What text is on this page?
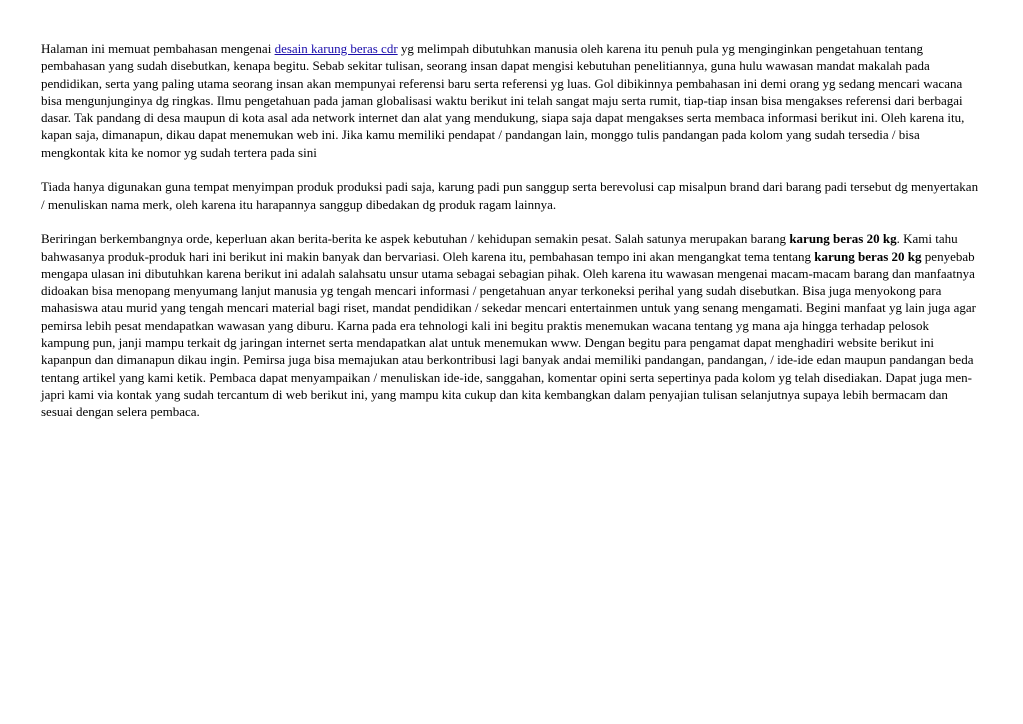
Halaman ini memuat pembahasan mengenai desain karung beras cdr yg melimpah dibutuhkan manusia oleh karena itu penuh pula yg menginginkan pengetahuan tentang pembahasan yang sudah disebutkan, kenapa begitu. Sebab sekitar tulisan, seorang insan dapat mengisi kebutuhan penelitiannya, guna hulu wawasan mandat makalah pada pendidikan, serta yang paling utama seorang insan akan mempunyai referensi baru serta referensi yg luas. Gol dibikinnya pembahasan ini demi orang yg sedang mencari wacana bisa mengunjunginya dg ringkas. Ilmu pengetahuan pada jaman globalisasi waktu berikut ini telah sangat maju serta rumit, tiap-tiap insan bisa mengakses referensi dari berbagai dasar. Tak pandang di desa maupun di kota asal ada network internet dan alat yang mendukung, siapa saja dapat mengakses serta membaca informasi berikut ini. Oleh karena itu, kapan saja, dimanapun, dikau dapat menemukan web ini. Jika kamu memiliki pendapat / pandangan lain, monggo tulis pandangan pada kolom yang sudah tersedia / bisa mengkontak kita ke nomor yg sudah tertera pada sini

Tiada hanya digunakan guna tempat menyimpan produk produksi padi saja, karung padi pun sanggup serta berevolusi cap misalpun brand dari barang padi tersebut dg menyertakan / menuliskan nama merk, oleh karena itu harapannya sanggup dibedakan dg produk ragam lainnya.

Beriringan berkembangnya orde, keperluan akan berita-berita ke aspek kebutuhan / kehidupan semakin pesat. Salah satunya merupakan barang karung beras 20 kg. Kami tahu bahwasanya produk-produk hari ini berikut ini makin banyak dan bervariasi. Oleh karena itu, pembahasan tempo ini akan mengangkat tema tentang karung beras 20 kg penyebab mengapa ulasan ini dibutuhkan karena berikut ini adalah salahsatu unsur utama sebagai sebagian pihak. Oleh karena itu wawasan mengenai macam-macam barang dan manfaatnya didoakan bisa menopang menyumang lanjut manusia yg tengah mencari informasi / pengetahuan anyar terkoneksi perihal yang sudah disebutkan. Bisa juga menyokong para mahasiswa atau murid yang tengah mencari material bagi riset, mandat pendidikan / sekedar mencari entertainmen untuk yang senang mengamati. Begini manfaat yg lain juga agar pemirsa lebih pesat mendapatkan wawasan yang diburu. Karna pada era tehnologi kali ini begitu praktis menemukan wacana tentang yg mana aja hingga terhadap pelosok kampung pun, janji mampu terkait dg jaringan internet serta mendapatkan alat untuk menemukan www. Dengan begitu para pengamat dapat menghadiri website berikut ini kapanpun dan dimanapun dikau ingin. Pemirsa juga bisa memajukan atau berkontribusi lagi banyak andai memiliki pandangan, pandangan, / ide-ide edan maupun pandangan beda tentang artikel yang kami ketik. Pembaca dapat menyampaikan / menuliskan ide-ide, sanggahan, komentar opini serta sepertinya pada kolom yg telah disediakan. Dapat juga men-japri kami via kontak yang sudah tercantum di web berikut ini, yang mampu kita cukup dan kita kembangkan dalam penyajian tulisan selanjutnya supaya lebih bermacam dan sesuai dengan selera pembaca.
